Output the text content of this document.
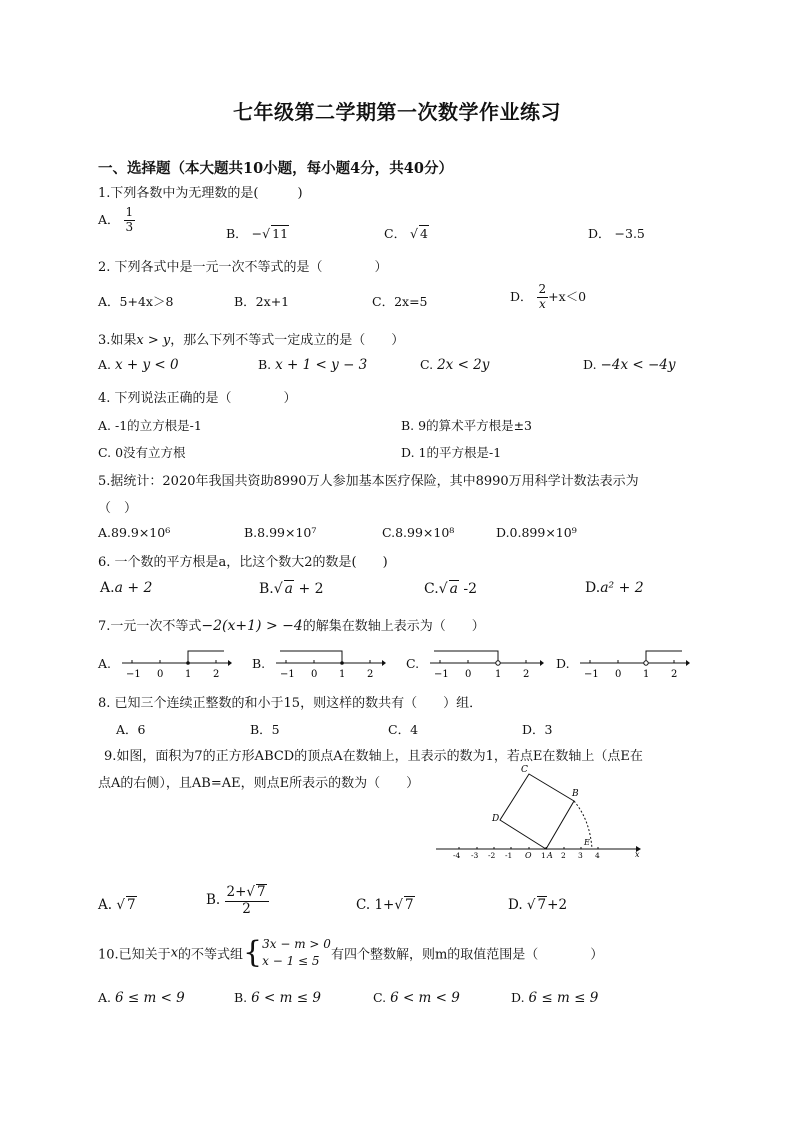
七年级第二学期第一次数学作业练习
一、选择题（本大题共10小题，每小题4分，共40分）
1.下列各数中为无理数的是(　　　)
A． $\frac{1}{3}$	B． −√ 11	C． √ 4	D． −3.5
2. 下列各式中是一元一次不等式的是（　　　　）
A．5+4x＞8	B．2x+1	C．2x=5	D． $\frac{2}{x} +x<0$
3.如果x > y，那么下列不等式一定成立的是（　　）
A. x + y < 0	B. x + 1 < y − 3	C. 2x < 2y	D. −4x < −4y
4. 下列说法正确的是（　　　　）
A. -1的立方根是-1	B. 9的算术平方根是±3
C. 0没有立方根	D. 1的平方根是-1
5.据统计：2020年我国共资助8990万人参加基本医疗保险，其中8990万用科学计数法表示为
（　）
A.89.9×10⁶	B.8.99×10⁷	C.8.99×10⁸	D.0.899×10⁹
6. 一个数的平方根是a，比这个数大2的数是(　　)
A.a + 2	B.√ a + 2	C.√ a -2	D.a² + 2
7.一元一次不等式−2(x+1) > −4的解集在数轴上表示为（　　）
A.	B.	C.	D.
−1 0 1 2	−1 0 1 2	−1 0 1 2	−1 0 1 2
8. 已知三个连续正整数的和小于15，则这样的数共有（　　）组．
A．6	B．5	C．4	D．3
9.如图，面积为7的正方形ABCD的顶点A在数轴上，且表示的数为1，若点E在数轴上（点E在
点A的右侧），且AB=AE，则点E所表示的数为（　　）
C
B
D
E
x
-4 -3 -2 -1 O 1 A 2 3 4
A. √ 7	B. $\frac{2+√ 7}{2}$	C. 1+√ 7	D. √ 7+2
10.已知关于x的不等式组{ 3x − m > 0
x − 1 ≤ 5 有四个整数解，则m的取值范围是（　　　　）
A. 6 ≤ m < 9	B. 6 < m ≤ 9	C. 6 < m < 9	D. 6 ≤ m ≤ 9
